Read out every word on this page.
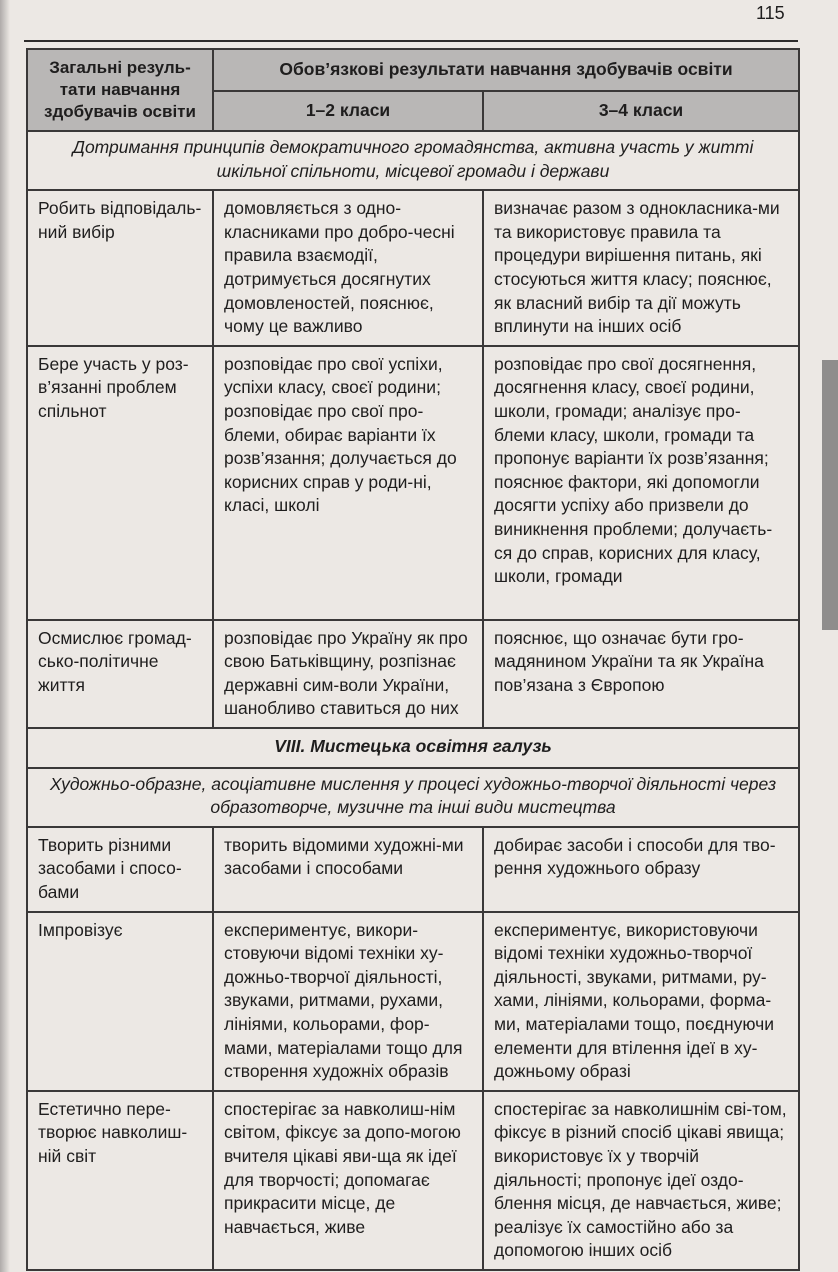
115
Загальні резуль-тати навчання здобувачів освіти	Обов’язкові результати навчання здобувачів освіти	
	1–2 класи	3–4 класи
Дотримання принципів демократичного громадянства, активна участь у житті шкільної спільноти, місцевої громади і держави		
Робить відповідаль-ний вибір	домовляється з одно-класниками про добро-чесні правила взаємодії, дотримується досягнутих домовленостей, пояснює, чому це важливо	визначає разом з однокласника-ми та використовує правила та процедури вирішення питань, які стосуються життя класу; пояснює, як власний вибір та дії можуть вплинути на інших осіб
Бере участь у роз-в’язанні проблем спільнот	розповідає про свої успіхи, успіхи класу, своєї родини; розповідає про свої про-блеми, обирає варіанти їх розв’язання; долучається до корисних справ у роди-ні, класі, школі	розповідає про свої досягнення, досягнення класу, своєї родини, школи, громади; аналізує про-блеми класу, школи, громади та пропонує варіанти їх розв’язання; пояснює фактори, які допомогли досягти успіху або призвели до виникнення проблеми; долучаєть-ся до справ, корисних для класу, школи, громади
Осмислює громад-сько-політичне життя	розповідає про Україну як про свою Батьківщину, розпізнає державні сим-воли України, шанобливо ставиться до них	пояснює, що означає бути гро-мадянином України та як Україна пов’язана з Європою
VIII. Мистецька освітня галузь		
Художньо-образне, асоціативне мислення у процесі художньо-творчої діяльності через образотворче, музичне та інші види мистецтва		
Творить різними засобами і спосо-бами	творить відомими художні-ми засобами і способами	добирає засоби і способи для тво-рення художнього образу
Імпровізує	експериментує, викори-стовуючи відомі техніки ху-дожньо-творчої діяльності, звуками, ритмами, рухами, лініями, кольорами, фор-мами, матеріалами тощо для створення художніх образів	експериментує, використовуючи відомі техніки художньо-творчої діяльності, звуками, ритмами, ру-хами, лініями, кольорами, форма-ми, матеріалами тощо, поєднуючи елементи для втілення ідеї в ху-дожньому образі
Естетично пере-творює навколиш-ній світ	спостерігає за навколиш-нім світом, фіксує за допо-могою вчителя цікаві яви-ща як ідеї для творчості; допомагає прикрасити місце, де навчається, живе	спостерігає за навколишнім сві-том, фіксує в різний спосіб цікаві явища; використовує їх у творчій діяльності; пропонує ідеї оздо-блення місця, де навчається, живе; реалізує їх самостійно або за допомогою інших осіб
